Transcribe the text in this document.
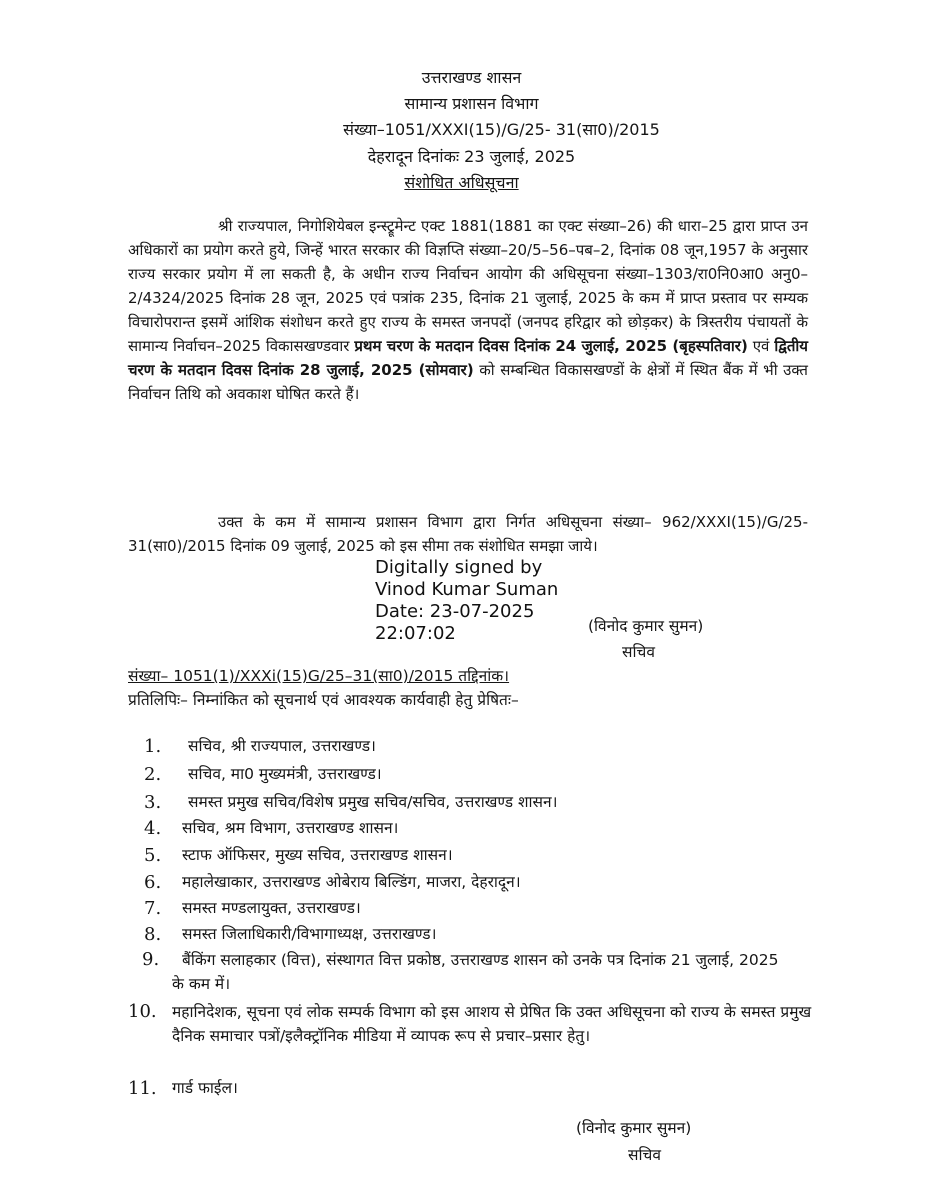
उत्तराखण्ड शासन
सामान्य प्रशासन विभाग
संख्या–1051/XXXI(15)/G/25- 31(सा0)/2015
देहरादून दिनांकः 23 जुलाई, 2025
संशोधित अधिसूचना
श्री राज्यपाल, निगोशियेबल इन्स्ट्रूमेन्ट एक्ट 1881(1881 का एक्ट संख्या–26) की धारा–25 द्वारा प्राप्त उन अधिकारों का प्रयोग करते हुये, जिन्हें भारत सरकार की विज्ञप्ति संख्या–20/5–56–पब–2, दिनांक 08 जून,1957 के अनुसार राज्य सरकार प्रयोग में ला सकती है, के अधीन राज्य निर्वाचन आयोग की अधिसूचना संख्या–1303/रा0नि0आ0 अनु0–2/4324/2025 दिनांक 28 जून, 2025 एवं पत्रांक 235, दिनांक 21 जुलाई, 2025 के कम में प्राप्त प्रस्ताव पर सम्यक विचारोपरान्त इसमें आंशिक संशोधन करते हुए राज्य के समस्त जनपदों (जनपद हरिद्वार को छोड़कर) के त्रिस्तरीय पंचायतों के सामान्य निर्वाचन–2025 विकासखण्डवार प्रथम चरण के मतदान दिवस दिनांक 24 जुलाई, 2025 (बृहस्पतिवार) एवं द्वितीय चरण के मतदान दिवस दिनांक 28 जुलाई, 2025 (सोमवार) को सम्बन्धित विकासखण्डों के क्षेत्रों में स्थित बैंक में भी उक्त निर्वाचन तिथि को अवकाश घोषित करते हैं।
उक्त के कम में सामान्य प्रशासन विभाग द्वारा निर्गत अधिसूचना संख्या– 962/XXXI(15)/G/25-31(सा0)/2015 दिनांक 09 जुलाई, 2025 को इस सीमा तक संशोधित समझा जाये।
Digitally signed by
Vinod Kumar Suman
Date: 23-07-2025
22:07:02	(विनोद कुमार सुमन)
सचिव
संख्या– 1051(1)/XXXi(15)G/25–31(सा0)/2015 तद्दिनांक।
प्रतिलिपिः– निम्नांकित को सूचनार्थ एवं आवश्यक कार्यवाही हेतु प्रेषितः–
1. सचिव, श्री राज्यपाल, उत्तराखण्ड।
2. सचिव, मा0 मुख्यमंत्री, उत्तराखण्ड।
3. समस्त प्रमुख सचिव/विशेष प्रमुख सचिव/सचिव, उत्तराखण्ड शासन।
4. सचिव, श्रम विभाग, उत्तराखण्ड शासन।
5. स्टाफ ऑफिसर, मुख्य सचिव, उत्तराखण्ड शासन।
6. महालेखाकार, उत्तराखण्ड ओबेराय बिल्डिंग, माजरा, देहरादून।
7. समस्त मण्डलायुक्त, उत्तराखण्ड।
8. समस्त जिलाधिकारी/विभागाध्यक्ष, उत्तराखण्ड।
9.	बैंकिंग सलाहकार (वित्त), संस्थागत वित्त प्रकोष्ठ, उत्तराखण्ड शासन को उनके पत्र दिनांक 21 जुलाई, 2025 के कम में।
10. महानिदेशक, सूचना एवं लोक सम्पर्क विभाग को इस आशय से प्रेषित कि उक्त अधिसूचना को राज्य के समस्त प्रमुख दैनिक समाचार पत्रों/इलैक्ट्रॉनिक मीडिया में व्यापक रूप से प्रचार–प्रसार हेतु।
11. गार्ड फाईल।
(विनोद कुमार सुमन)
सचिव
